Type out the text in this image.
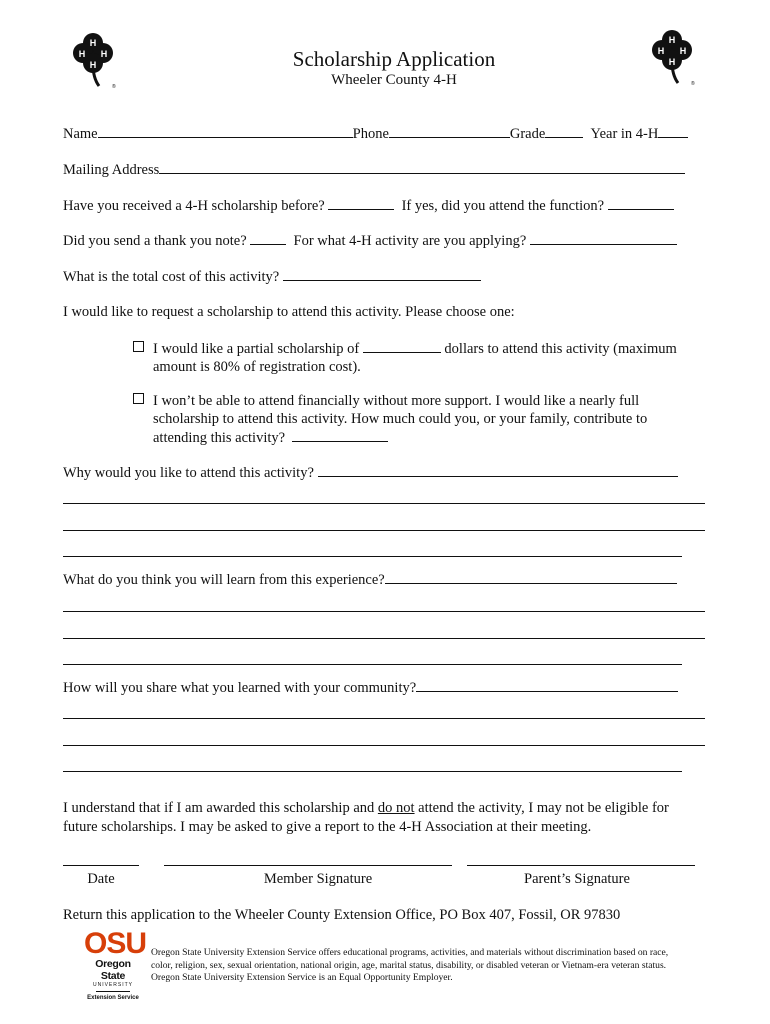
H
H
H
H
®
H
H
H
H
®
Scholarship Application
Wheeler County 4-H
Name	Phone	Grade	Year in 4-H
Mailing Address
Have you received a 4-H scholarship before?	If yes, did you attend the function?
Did you send a thank you note?	For what 4-H activity are you applying?
What is the total cost of this activity?
I would like to request a scholarship to attend this activity. Please choose one:
I would like a partial scholarship of	dollars to attend this activity (maximum
amount is 80% of registration cost).
I won’t be able to attend financially without more support. I would like a nearly full
scholarship to attend this activity. How much could you, or your family, contribute to
attending this activity?
Why would you like to attend this activity?
What do you think you will learn from this experience?
How will you share what you learned with your community?
I understand that if I am awarded this scholarship and do not attend the activity, I may not be eligible for
future scholarships. I may be asked to give a report to the 4-H Association at their meeting.
Date	Member Signature	Parent’s Signature
Return this application to the Wheeler County Extension Office, PO Box 407, Fossil, OR 97830
OSU
Oregon State
UNIVERSITY
Extension Service
Oregon State University Extension Service offers educational programs, activities, and materials without discrimination based on race,
color, religion, sex, sexual orientation, national origin, age, marital status, disability, or disabled veteran or Vietnam-era veteran status.
Oregon State University Extension Service is an Equal Opportunity Employer.
